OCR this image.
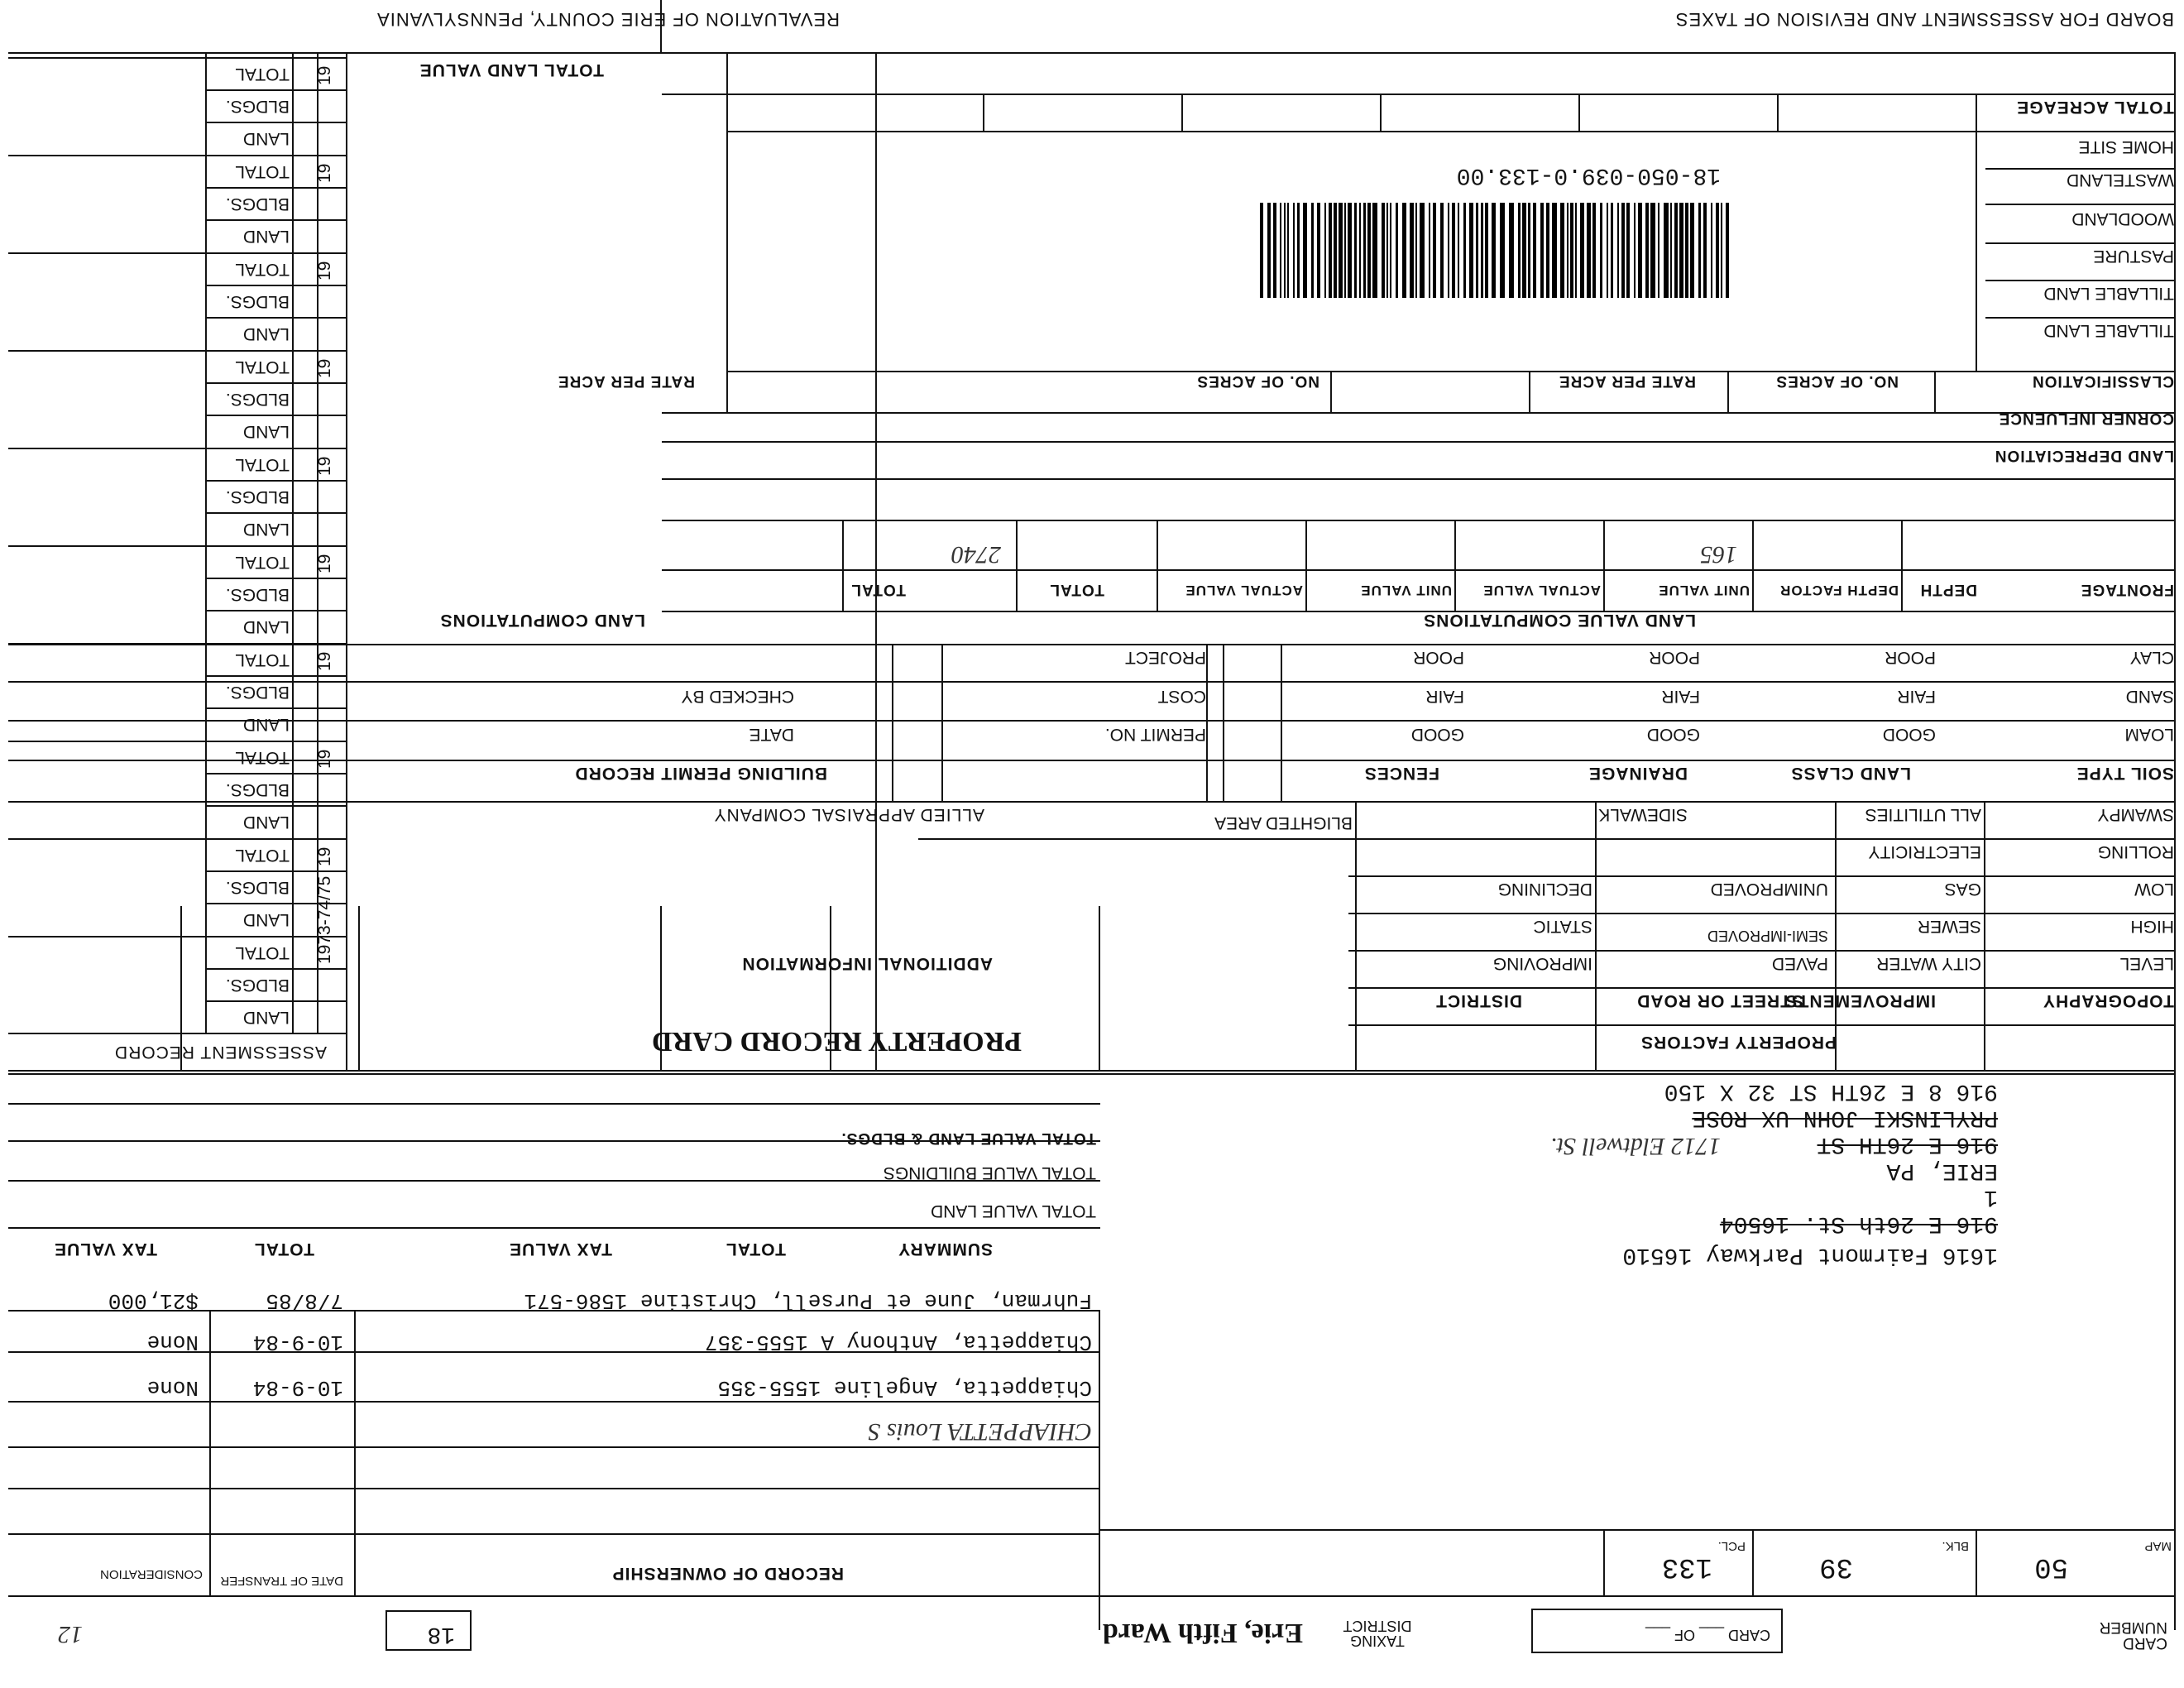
BOARD FOR ASSESSMENT AND REVISION OF TAXES
REVALUATION OF ERIE COUNTY, PENNSYLVANIA
TOTAL LAND VALUE
TOTAL ACREAGE
HOME SITE
WASTELAND
WOODLAND
PASTURE
TILLABLE LAND
TILLABLE LAND
18-050-039.0-133.00
CLASSIFICATION
NO. OF ACRES
RATE PER ACRE
NO. OF ACRES
RATE PER ACRE
CORNER INFLUENCE
LAND DEPRECIATION
165
2740
FRONTAGE
DEPTH
DEPTH FACTOR
UNIT VALUE
ACTUAL VALUE
UNIT VALUE
ACTUAL VALUE
TOTAL
TOTAL
LAND VALUE COMPUTATIONS
LAND COMPUTATIONS
CLAY
POOR
POOR
POOR
PROJECT
SAND
FAIR
FAIR
FAIR
COST
CHECKED BY
LOAM
GOOD
GOOD
GOOD
PERMIT NO.
DATE
SOIL TYPE
LAND CLASS
DRAINAGE
FENCES
BUILDING PERMIT RECORD
SWAMPY
ALL UTILITIES
SIDEWALK
BLIGHTED AREA
ALLIED APPRAISAL COMPANY
ROLLING
ELECTRICITY
LOW
GAS
UNIMPROVED
DECLINING
HIGH
SEWER
SEMI-IMPROVED
STATIC
LEVEL
CITY WATER
PAVED
IMPROVING
ADDITIONAL INFORMATION
TOPOGRAPHY
IMPROVEMENTS
STREET OR ROAD
DISTRICT
PROPERTY FACTORS
PROPERTY RECORD CARD
ASSESSMENT RECORD
LAND
BLDGS.
TOTAL 1973-74/75
LAND
BLDGS.
TOTAL 19
LAND
BLDGS.
TOTAL 19
LAND
BLDGS.
TOTAL 19
LAND
BLDGS.
TOTAL 19
LAND
BLDGS.
TOTAL 19
LAND
BLDGS.
TOTAL 19
LAND
BLDGS.
TOTAL 19
LAND
BLDGS.
TOTAL 19
LAND
BLDGS.
TOTAL 19
TOTAL VALUE LAND & BLDGS.
TOTAL VALUE BUILDINGS
TOTAL VALUE LAND
SUMMARY
TOTAL
TAX VALUE
TOTAL
TAX VALUE	1616 Fairmont Parkway 16510
916 E 26th St. 16504
1
ERIE, PA
916 E 26TH ST
1712 Eldtwell St.
PRYLINSKI JOHN UX ROSE
916 8 E 26TH ST 32 X 150
Fuhrman, June et Pursell, Christine 1586-571
7/8/85
$21,000
Chiappetta, Anthony A 1555-357
10-9-84
None
Chiappetta, Angeline 1555-355
10-9-84
None
CHIAPPETTA Louis S
RECORD OF OWNERSHIP
DATE OF TRANSFER
CONSIDERATION
MAP
50
BLK.
39
PCL.
133
CARD NUMBER
CARD ___ OF ___
TAXING DISTRICT
Erie, Fifth Ward
18
12
